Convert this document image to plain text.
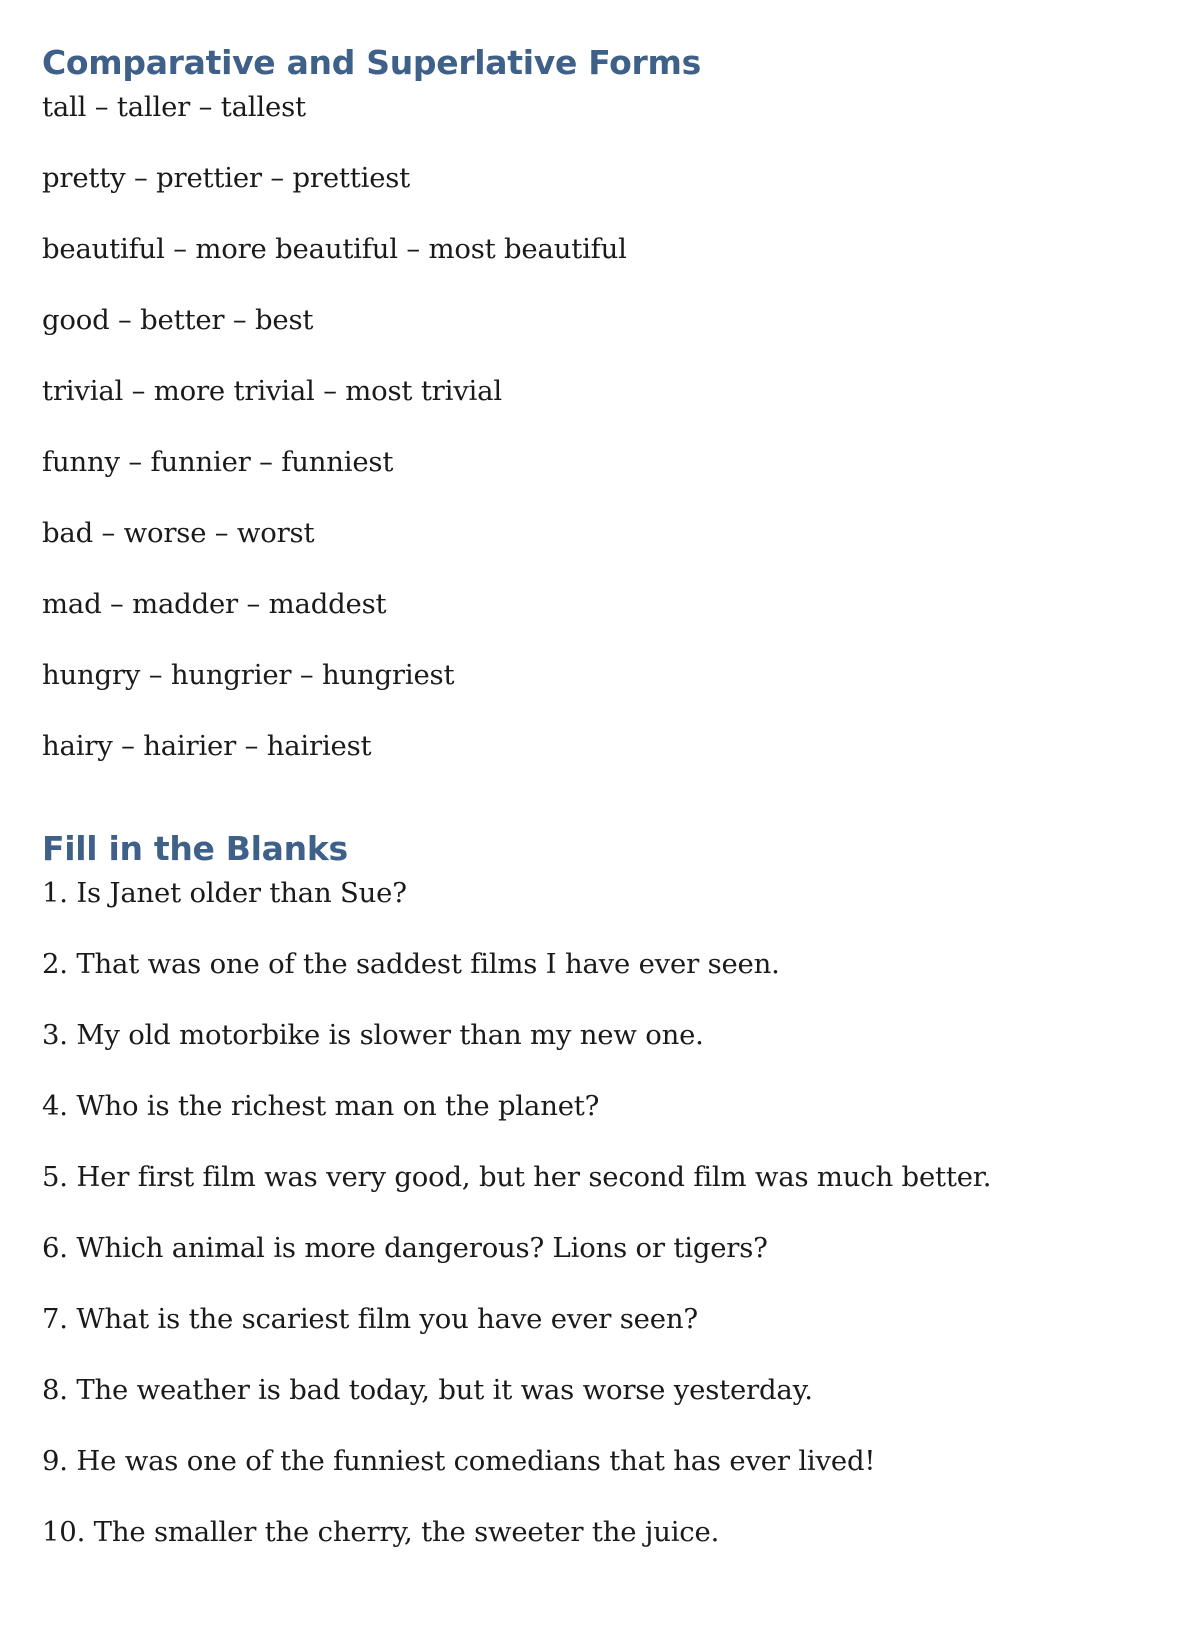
Comparative and Superlative Forms

tall – taller – tallest

pretty – prettier – prettiest

beautiful – more beautiful – most beautiful

good – better – best

trivial – more trivial – most trivial

funny – funnier – funniest

bad – worse – worst

mad – madder – maddest

hungry – hungrier – hungriest

hairy – hairier – hairiest

Fill in the Blanks

1. Is Janet older than Sue?

2. That was one of the saddest films I have ever seen.

3. My old motorbike is slower than my new one.

4. Who is the richest man on the planet?

5. Her first film was very good, but her second film was much better.

6. Which animal is more dangerous? Lions or tigers?

7. What is the scariest film you have ever seen?

8. The weather is bad today, but it was worse yesterday.

9. He was one of the funniest comedians that has ever lived!

10. The smaller the cherry, the sweeter the juice.
